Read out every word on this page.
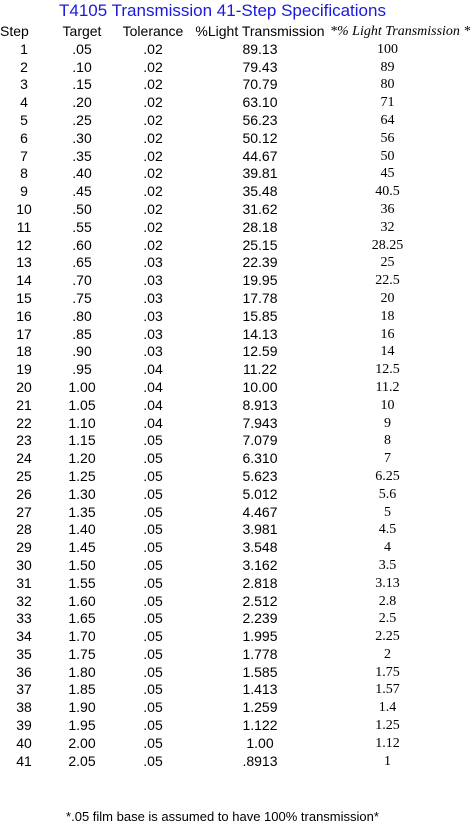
T4105 Transmission 41-Step Specifications
Step	Target	Tolerance	%Light Transmission	*% Light Transmission *
1	.05	.02	89.13	100
2	.10	.02	79.43	89
3	.15	.02	70.79	80
4	.20	.02	63.10	71
5	.25	.02	56.23	64
6	.30	.02	50.12	56
7	.35	.02	44.67	50
8	.40	.02	39.81	45
9	.45	.02	35.48	40.5
10	.50	.02	31.62	36
11	.55	.02	28.18	32
12	.60	.02	25.15	28.25
13	.65	.03	22.39	25
14	.70	.03	19.95	22.5
15	.75	.03	17.78	20
16	.80	.03	15.85	18
17	.85	.03	14.13	16
18	.90	.03	12.59	14
19	.95	.04	11.22	12.5
20	1.00	.04	10.00	11.2
21	1.05	.04	8.913	10
22	1.10	.04	7.943	9
23	1.15	.05	7.079	8
24	1.20	.05	6.310	7
25	1.25	.05	5.623	6.25
26	1.30	.05	5.012	5.6
27	1.35	.05	4.467	5
28	1.40	.05	3.981	4.5
29	1.45	.05	3.548	4
30	1.50	.05	3.162	3.5
31	1.55	.05	2.818	3.13
32	1.60	.05	2.512	2.8
33	1.65	.05	2.239	2.5
34	1.70	.05	1.995	2.25
35	1.75	.05	1.778	2
36	1.80	.05	1.585	1.75
37	1.85	.05	1.413	1.57
38	1.90	.05	1.259	1.4
39	1.95	.05	1.122	1.25
40	2.00	.05	1.00	1.12
41	2.05	.05	.8913	1
*.05 film base is assumed to have 100% transmission*
